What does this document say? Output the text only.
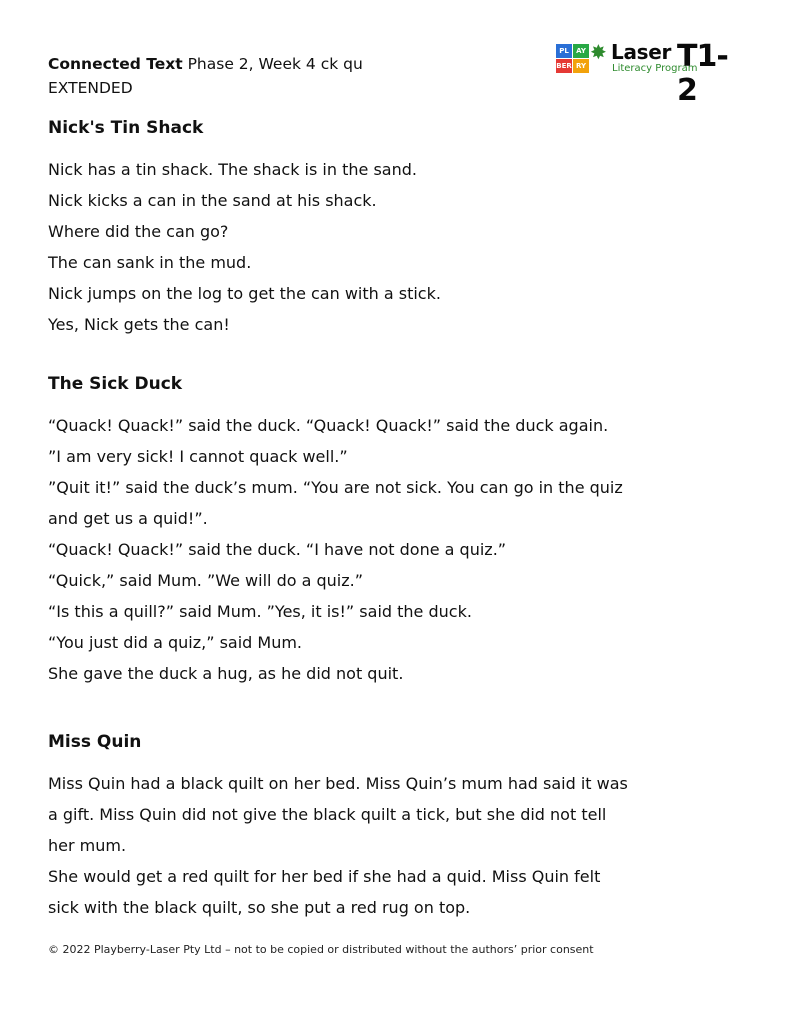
Connected Text Phase 2, Week 4 ck qu
EXTENDED
PL	AY
BER RY
✸ Laser
Literacy Program
T1-2
Nick's Tin Shack
Nick has a tin shack. The shack is in the sand.
Nick kicks a can in the sand at his shack.
Where did the can go?
The can sank in the mud.
Nick jumps on the log to get the can with a stick.
Yes, Nick gets the can!
The Sick Duck
“Quack! Quack!” said the duck. “Quack! Quack!” said the duck again.
”I am very sick! I cannot quack well.”
”Quit it!” said the duck’s mum. “You are not sick. You can go in the quiz
and get us a quid!”.
“Quack! Quack!” said the duck. “I have not done a quiz.”
“Quick,” said Mum. ”We will do a quiz.”
“Is this a quill?” said Mum. ”Yes, it is!” said the duck.
“You just did a quiz,” said Mum.
She gave the duck a hug, as he did not quit.
Miss Quin
Miss Quin had a black quilt on her bed. Miss Quin’s mum had said it was
a gift. Miss Quin did not give the black quilt a tick, but she did not tell
her mum.
She would get a red quilt for her bed if she had a quid. Miss Quin felt
sick with the black quilt, so she put a red rug on top.
© 2022 Playberry-Laser Pty Ltd – not to be copied or distributed without the authors’ prior consent
